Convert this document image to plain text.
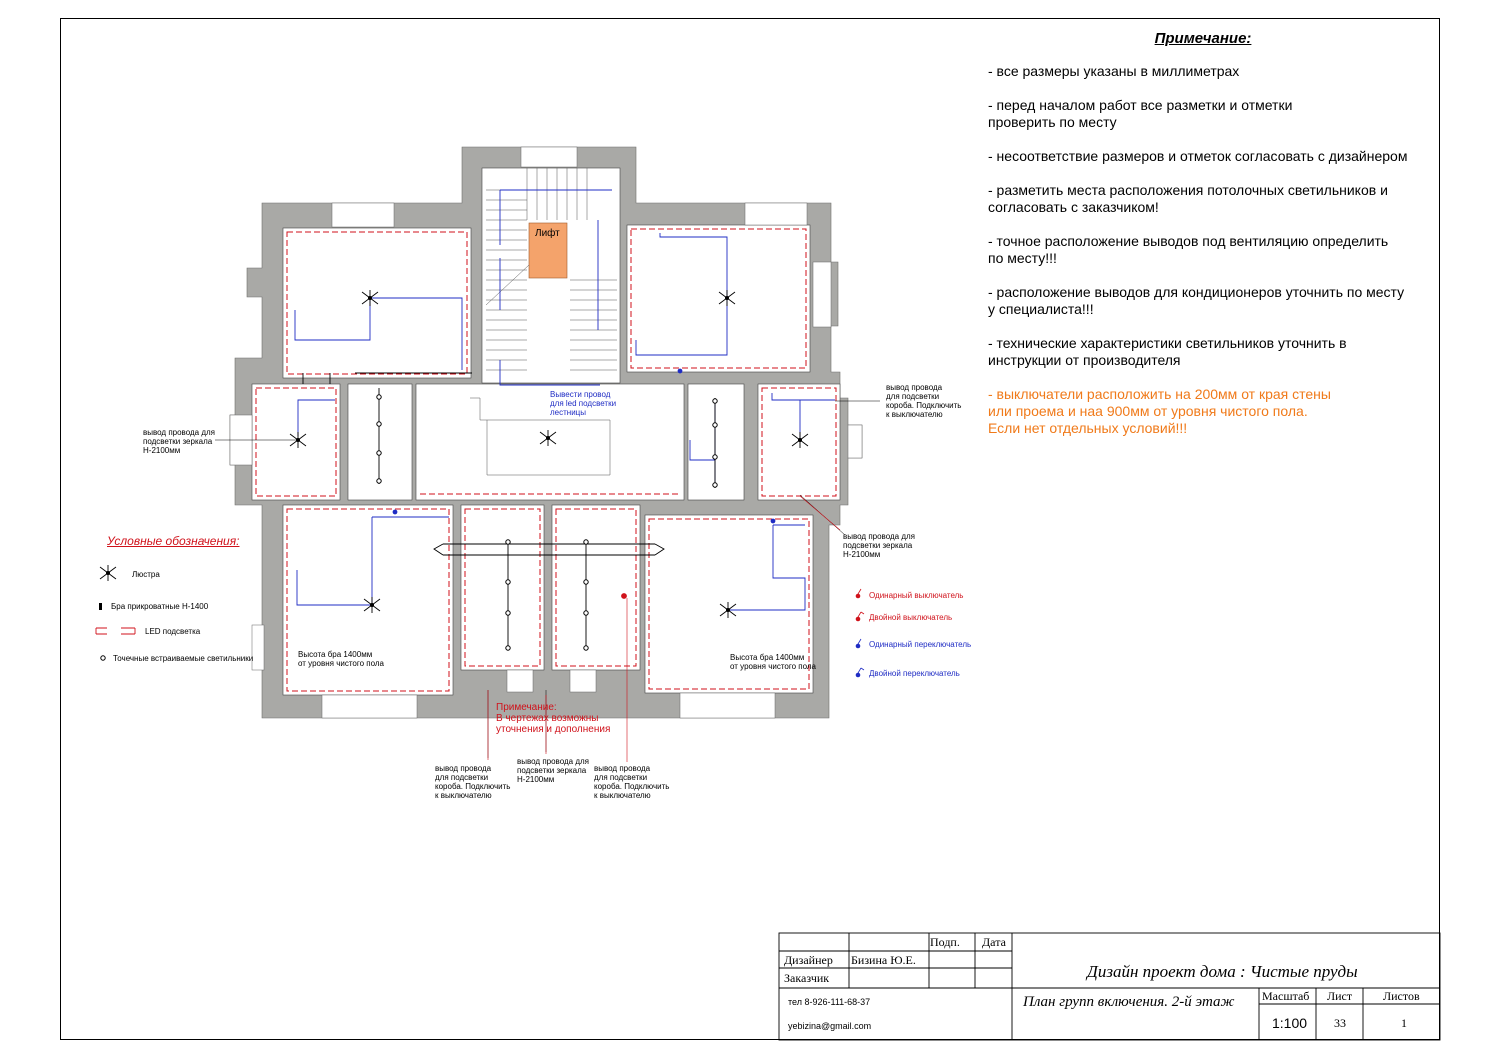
Примечание:
- все размеры указаны в миллиметрах
- перед началом работ все разметки и отметки
проверить по месту
- несоответствие размеров и отметок согласовать с дизайнером
- разметить места расположения потолочных светильников и
согласовать с заказчиком!
- точное расположение выводов под вентиляцию определить
по месту!!!
- расположение выводов для кондиционеров уточнить по месту
у специалиста!!!
- технические характеристики светильников уточнить в
инструкции от производителя
- выключатели расположить на 200мм от края стены
или проема и наа 900мм от уровня чистого пола.
Если нет отдельных условий!!!
Лифт
Вывести провод
для led подсветки
лестницы
вывод провода для
подсветки зеркала
Н-2100мм
вывод провода
для подсветки
короба. Подключить
к выключателю
вывод провода для
подсветки зеркала
Н-2100мм
Высота бра 1400мм
от уровня чистого пола
Высота бра 1400мм
от уровня чистого пола
Примечание:
В чертежах возможны
уточнения и дополнения
вывод провода
для подсветки
короба. Подключить
к выключателю
вывод провода для
подсветки зеркала
Н-2100мм
вывод провода
для подсветки
короба. Подключить
к выключателю
Условные обозначения:
Люстра
Бра прикроватные Н-1400
LED подсветка
Точечные встраиваемые светильники
Одинарный выключатель
Двойной выключатель
Одинарный переключатель
Двойной переключатель
Подп. Дата
Дизайнер Бизина Ю.Е.
Заказчик
тел 8-926-111-68-37
yebizina@gmail.com
Дизайн проект дома : Чистые пруды
План групп включения. 2-й этаж Масштаб Лист	Листов
1:100 33	1
